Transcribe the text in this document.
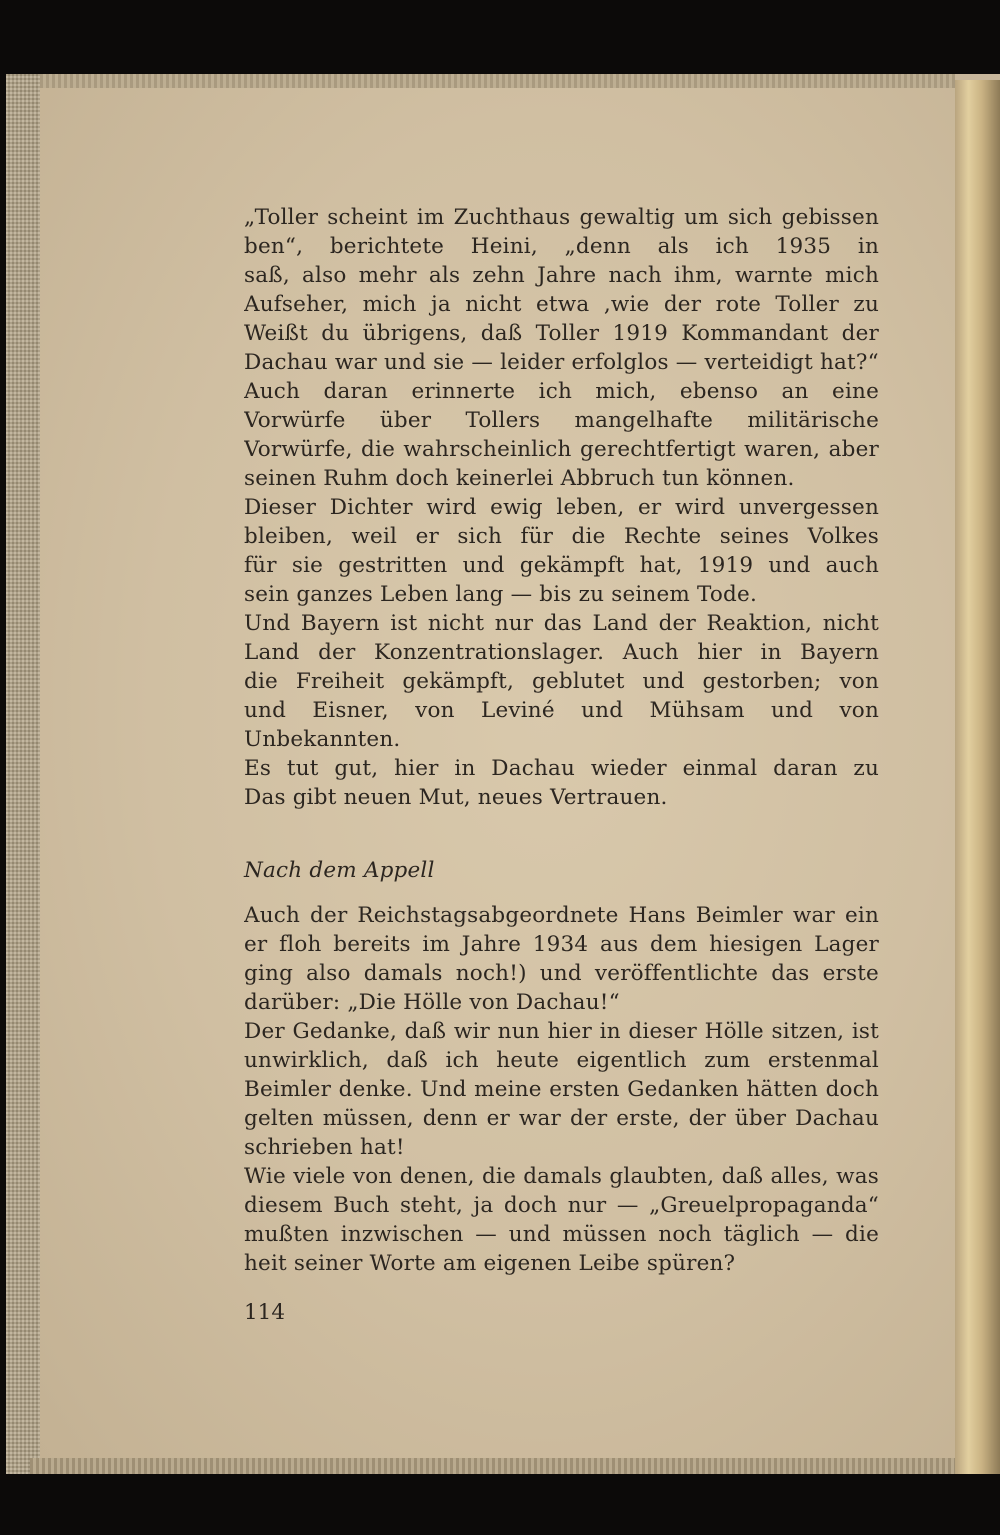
„Toller scheint im Zuchthaus gewaltig um sich gebissen
ben“, berichtete Heini, „denn als ich 1935 in
saß, also mehr als zehn Jahre nach ihm, warnte mich
Aufseher, mich ja nicht etwa ‚wie der rote Toller zu
Weißt du übrigens, daß Toller 1919 Kommandant der
Dachau war und sie — leider erfolglos — verteidigt hat?“
Auch daran erinnerte ich mich, ebenso an eine
Vorwürfe über Tollers mangelhafte militärische
Vorwürfe, die wahrscheinlich gerechtfertigt waren, aber
seinen Ruhm doch keinerlei Abbruch tun können.
Dieser Dichter wird ewig leben, er wird unvergessen
bleiben, weil er sich für die Rechte seines Volkes
für sie gestritten und gekämpft hat, 1919 und auch
sein ganzes Leben lang — bis zu seinem Tode.
Und Bayern ist nicht nur das Land der Reaktion, nicht
Land der Konzentrationslager. Auch hier in Bayern
die Freiheit gekämpft, geblutet und gestorben; von
und Eisner, von Leviné und Mühsam und von
Unbekannten.
Es tut gut, hier in Dachau wieder einmal daran zu
Das gibt neuen Mut, neues Vertrauen.
Nach dem Appell
Auch der Reichstagsabgeordnete Hans Beimler war ein
er floh bereits im Jahre 1934 aus dem hiesigen Lager
ging also damals noch!) und veröffentlichte das erste
darüber: „Die Hölle von Dachau!“
Der Gedanke, daß wir nun hier in dieser Hölle sitzen, ist
unwirklich, daß ich heute eigentlich zum erstenmal
Beimler denke. Und meine ersten Gedanken hätten doch
gelten müssen, denn er war der erste, der über Dachau
schrieben hat!
Wie viele von denen, die damals glaubten, daß alles, was
diesem Buch steht, ja doch nur — „Greuelpropaganda“
mußten inzwischen — und müssen noch täglich — die
heit seiner Worte am eigenen Leibe spüren?
114
